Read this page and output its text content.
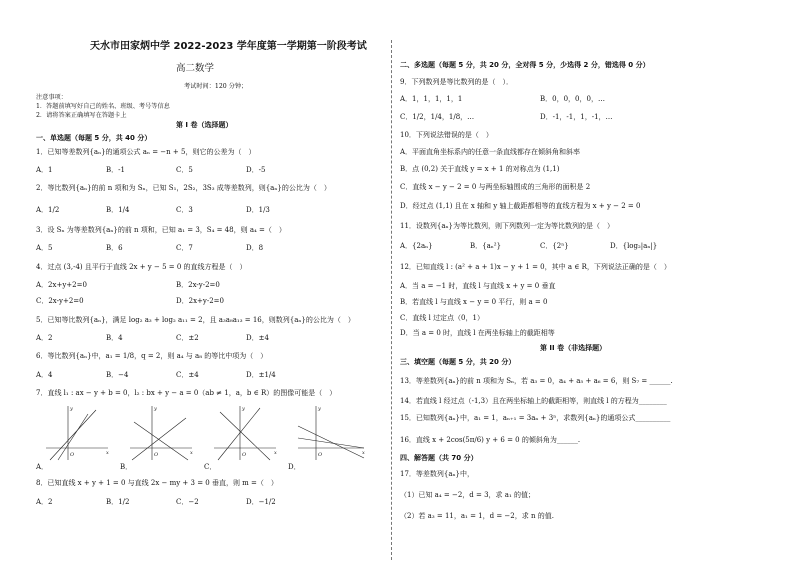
天水市田家炳中学 2022-2023 学年度第一学期第一阶段考试
高二数学
考试时间：120 分钟；
注意事项：
1．答题前填写好自己的姓名、班级、考号等信息
2．请将答案正确填写在答题卡上
第 I 卷（选择题）
一、单选题（每题 5 分，共 40 分）
1．已知等差数列{aₙ}的通项公式 aₙ = −n + 5，则它的公差为（　）
A．1	B．-1	C．5	D．-5
2．等比数列{aₙ}的前 n 项和为 Sₙ，已知 S₁，2S₂，3S₃ 成等差数列，则{aₙ}的公比为（　）
A．1/2	B．1/4	C．3	D．1/3
3．设 Sₙ 为等差数列{aₙ}的前 n 项和，已知 a₁ = 3，S₄ = 48，则 a₄ =（　）
A．5	B．6	C．7	D．8
4．过点 (3,-4) 且平行于直线 2x + y − 5 = 0 的直线方程是（　）
A．2x+y+2=0	B．2x-y-2=0
C．2x-y+2=0	D．2x+y-2=0
5．已知等比数列{aₙ}，满足 log₂ a₃ + log₂ a₁₁ = 2，且 a₃a₈a₁₃ = 16，则数列{aₙ}的公比为（　）
A．2	B．4	C．±2	D．±4
6．等比数列{aₙ}中，a₁ = 1/8，q = 2，则 a₄ 与 a₈ 的等比中项为（　）
A．4	B．−4	C．±4	D．±1/4
7．直线 l₁ : ax − y + b = 0，l₂ : bx + y − a = 0（ab ≠ 1，a，b ∈ R）的图像可能是（　）
O	x
y
A．
O	x
y
B．
O	x
y
C．
O	x
y
D．
8．已知直线 x + y + 1 = 0 与直线 2x − my + 3 = 0 垂直，则 m =（　）
A．2	B．1/2	C．−2	D．−1/2
二、多选题（每题 5 分，共 20 分，全对得 5 分，少选得 2 分，错选得 0 分）
9．下列数列是等比数列的是（　）．
A．1，1，1，1，1	B．0，0，0，0，…
C．1/2，1/4，1/8，…	D．-1，-1，1，-1，…
10．下列说法错误的是（　）
A．平面直角坐标系内的任意一条直线都存在倾斜角和斜率
B．点 (0,2) 关于直线 y = x + 1 的对称点为 (1,1)
C．直线 x − y − 2 = 0 与两坐标轴围成的三角形的面积是 2
D．经过点 (1,1) 且在 x 轴和 y 轴上截距都相等的直线方程为 x + y − 2 = 0
11．设数列{aₙ}为等比数列，则下列数列一定为等比数列的是（　）
A．{2aₙ}	B．{aₙ²}	C．{2ⁿ}	D．{log₂|aₙ|}
12．已知直线 l : (a² + a + 1)x − y + 1 = 0，其中 a ∈ R，下列说法正确的是（　）
A．当 a = −1 时，直线 l 与直线 x + y = 0 垂直
B．若直线 l 与直线 x − y = 0 平行，则 a = 0
C．直线 l 过定点（0，1）
D．当 a = 0 时，直线 l 在两坐标轴上的截距相等
第 II 卷（非选择题）
三、填空题（每题 5 分，共 20 分）
13．等差数列{aₙ}的前 n 项和为 Sₙ，若 a₃ = 0，a₄ + a₅ + a₆ = 6，则 S₇ = ______.
14．若直线 l 经过点（-1,3）且在两坐标轴上的截距相等，则直线 l 的方程为________
15．已知数列{aₙ}中，a₁ = 1，aₙ₊₁ = 3aₙ + 3ⁿ，求数列{aₙ}的通项公式__________
16．直线 x + 2cos(5π/6) y + 6 = 0 的倾斜角为______.
四、解答题（共 70 分）
17．等差数列{aₙ}中，
（1）已知 a₄ = −2，d = 3，求 a₁ 的值；
（2）若 a₃ = 11，a₁ = 1，d = −2，求 n 的值.
